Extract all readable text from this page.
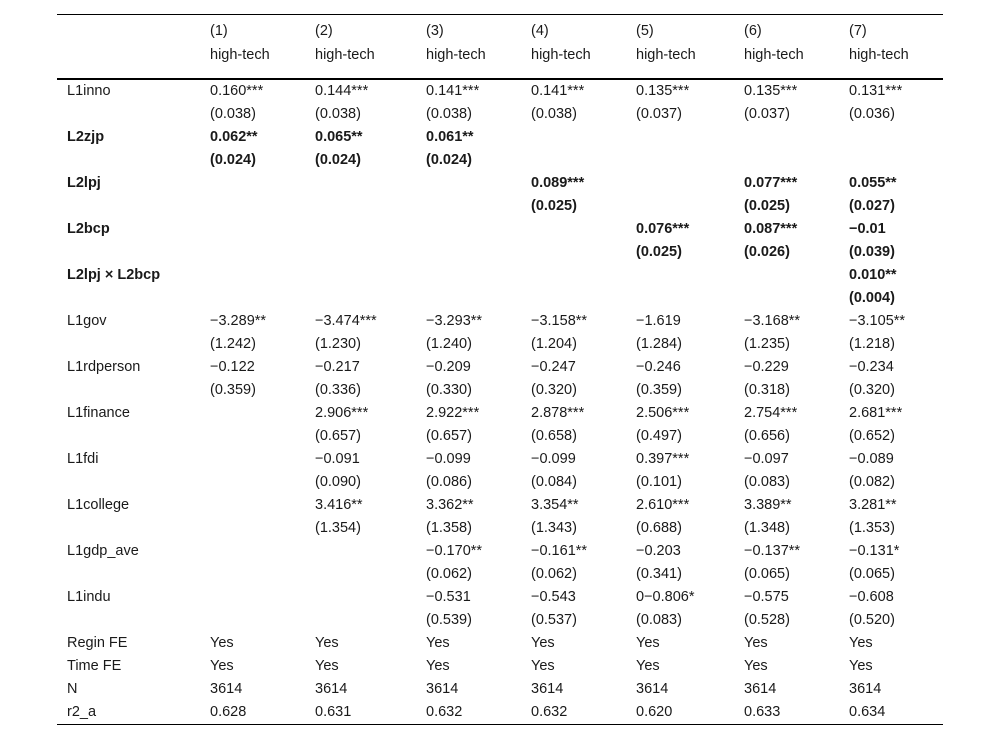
	(1)	(2)	(3)	(4)	(5)	(6)	(7)
	high-tech	high-tech	high-tech	high-tech	high-tech	high-tech	high-tech
L1inno	0.160***	0.144***	0.141***	0.141***	0.135***	0.135***	0.131***
	(0.038)	(0.038)	(0.038)	(0.038)	(0.037)	(0.037)	(0.036)
L2zjp	0.062**	0.065**	0.061**				
	(0.024)	(0.024)	(0.024)				
L2lpj				0.089***		0.077***	0.055**
				(0.025)		(0.025)	(0.027)
L2bcp					0.076***	0.087***	−0.01
					(0.025)	(0.026)	(0.039)
L2lpj × L2bcp							0.010**
							(0.004)
L1gov	−3.289**	−3.474***	−3.293**	−3.158**	−1.619	−3.168**	−3.105**
	(1.242)	(1.230)	(1.240)	(1.204)	(1.284)	(1.235)	(1.218)
L1rdperson	−0.122	−0.217	−0.209	−0.247	−0.246	−0.229	−0.234
	(0.359)	(0.336)	(0.330)	(0.320)	(0.359)	(0.318)	(0.320)
L1finance		2.906***	2.922***	2.878***	2.506***	2.754***	2.681***
		(0.657)	(0.657)	(0.658)	(0.497)	(0.656)	(0.652)
L1fdi		−0.091	−0.099	−0.099	0.397***	−0.097	−0.089
		(0.090)	(0.086)	(0.084)	(0.101)	(0.083)	(0.082)
L1college		3.416**	3.362**	3.354**	2.610***	3.389**	3.281**
		(1.354)	(1.358)	(1.343)	(0.688)	(1.348)	(1.353)
L1gdp_ave			−0.170**	−0.161**	−0.203	−0.137**	−0.131*
			(0.062)	(0.062)	(0.341)	(0.065)	(0.065)
L1indu			−0.531	−0.543	0−0.806*	−0.575	−0.608
			(0.539)	(0.537)	(0.083)	(0.528)	(0.520)
Regin FE	Yes	Yes	Yes	Yes	Yes	Yes	Yes
Time FE	Yes	Yes	Yes	Yes	Yes	Yes	Yes
N	3614	3614	3614	3614	3614	3614	3614
r2_a	0.628	0.631	0.632	0.632	0.620	0.633	0.634
